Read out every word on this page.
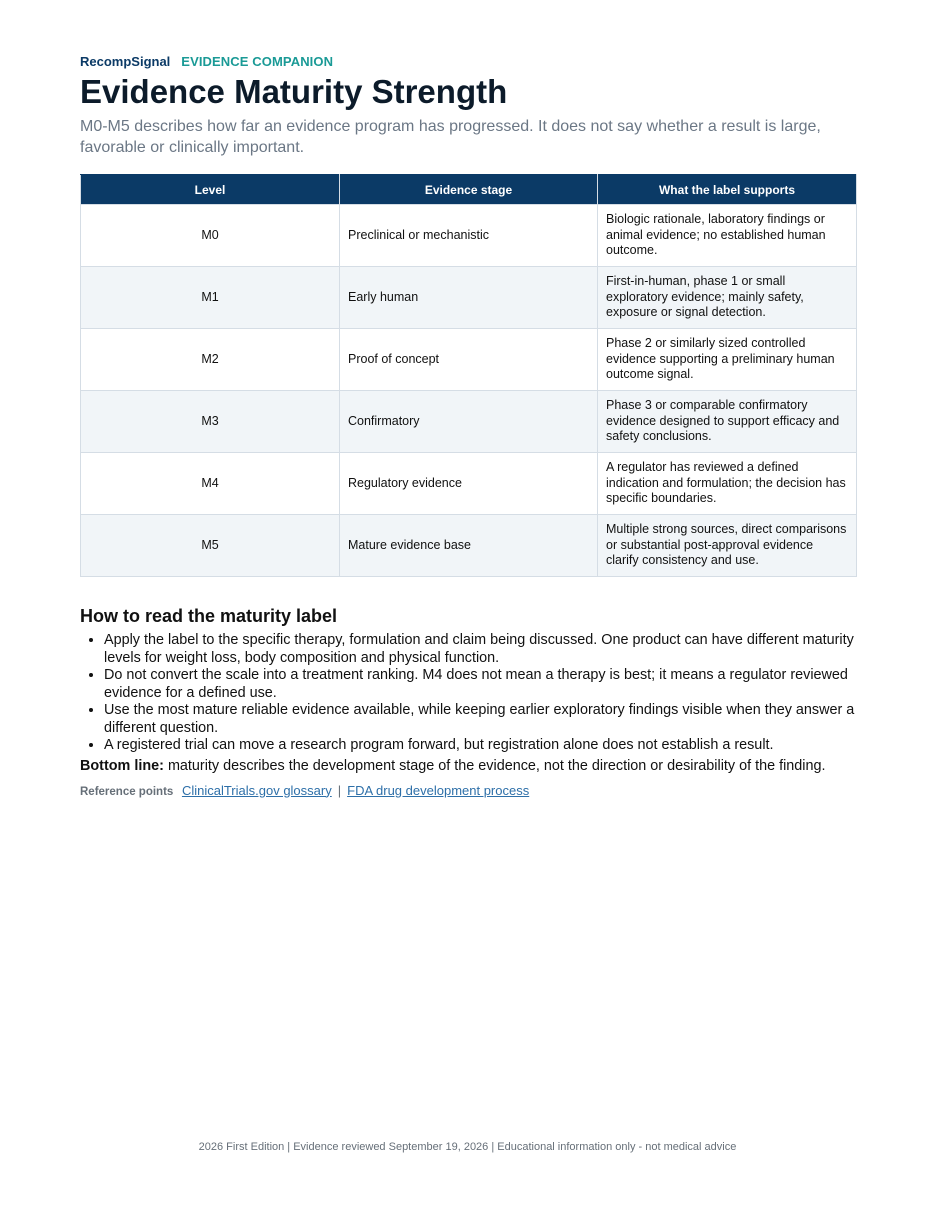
RecompSignal EVIDENCE COMPANION
Evidence Maturity Strength

M0-M5 describes how far an evidence program has progressed. It does not say whether a result is large, favorable or clinically important.

Level	Evidence stage	What the label supports
M0	Preclinical or mechanistic	Biologic rationale, laboratory findings or animal evidence; no established human outcome.
M1	Early human	First-in-human, phase 1 or small exploratory evidence; mainly safety, exposure or signal detection.
M2	Proof of concept	Phase 2 or similarly sized controlled evidence supporting a preliminary human outcome signal.
M3	Confirmatory	Phase 3 or comparable confirmatory evidence designed to support efficacy and safety conclusions.
M4	Regulatory evidence	A regulator has reviewed a defined indication and formulation; the decision has specific boundaries.
M5	Mature evidence base	Multiple strong sources, direct comparisons or substantial post-approval evidence clarify consistency and use.
How to read the maturity label
• Apply the label to the specific therapy, formulation and claim being discussed. One product can have different maturity levels for weight loss, body composition and physical function.
• Do not convert the scale into a treatment ranking. M4 does not mean a therapy is best; it means a regulator reviewed evidence for a defined use.
• Use the most mature reliable evidence available, while keeping earlier exploratory findings visible when they answer a different question.
• A registered trial can move a research program forward, but registration alone does not establish a result.
Bottom line: maturity describes the development stage of the evidence, not the direction or desirability of the finding.
Reference points ClinicalTrials.gov glossary | FDA drug development process
2026 First Edition | Evidence reviewed September 19, 2026 | Educational information only - not medical advice
